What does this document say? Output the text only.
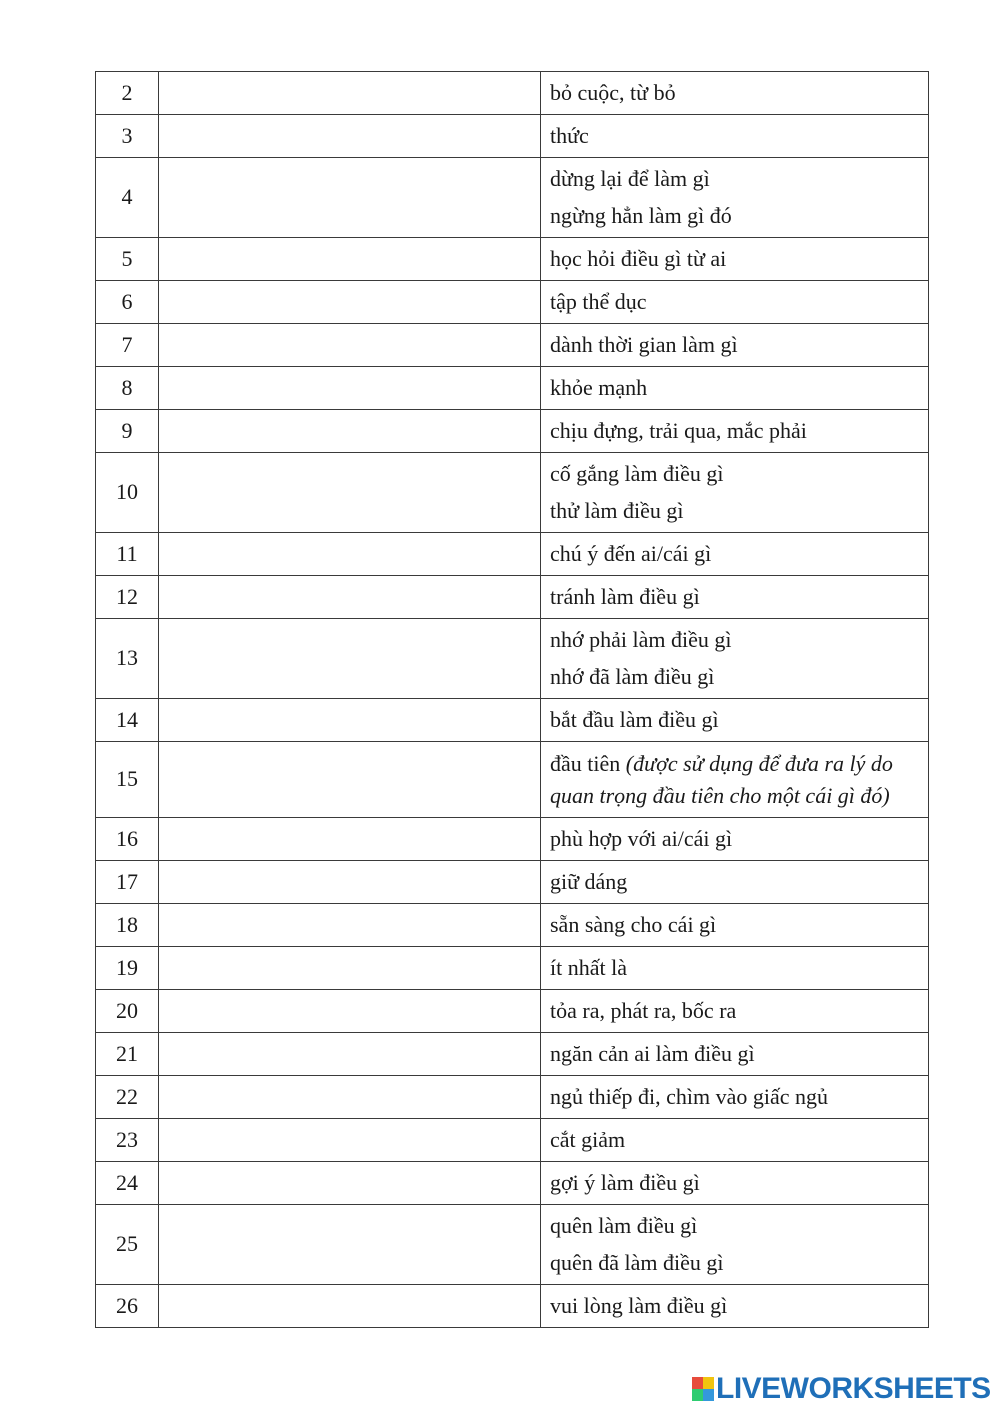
2		bỏ cuộc, từ bỏ

3		thức

4		dừng lại để làm gì
ngừng hẳn làm gì đó

5		học hỏi điều gì từ ai

6		tập thể dục

7		dành thời gian làm gì

8		khỏe mạnh

9		chịu đựng, trải qua, mắc phải

10		cố gắng làm điều gì
thử làm điều gì

11		chú ý đến ai/cái gì

12		tránh làm điều gì

13		nhớ phải làm điều gì
nhớ đã làm điều gì

14		bắt đầu làm điều gì

15		đầu tiên (được sử dụng để đưa ra lý do quan trọng đầu tiên cho một cái gì đó)
16		phù hợp với ai/cái gì

17		giữ dáng

18		sẵn sàng cho cái gì

19		ít nhất là

20		tỏa ra, phát ra, bốc ra

21		ngăn cản ai làm điều gì

22		ngủ thiếp đi, chìm vào giấc ngủ

23		cắt giảm

24		gợi ý làm điều gì

25		quên làm điều gì
quên đã làm điều gì

26		vui lòng làm điều gì
LIVEWORKSHEETS
